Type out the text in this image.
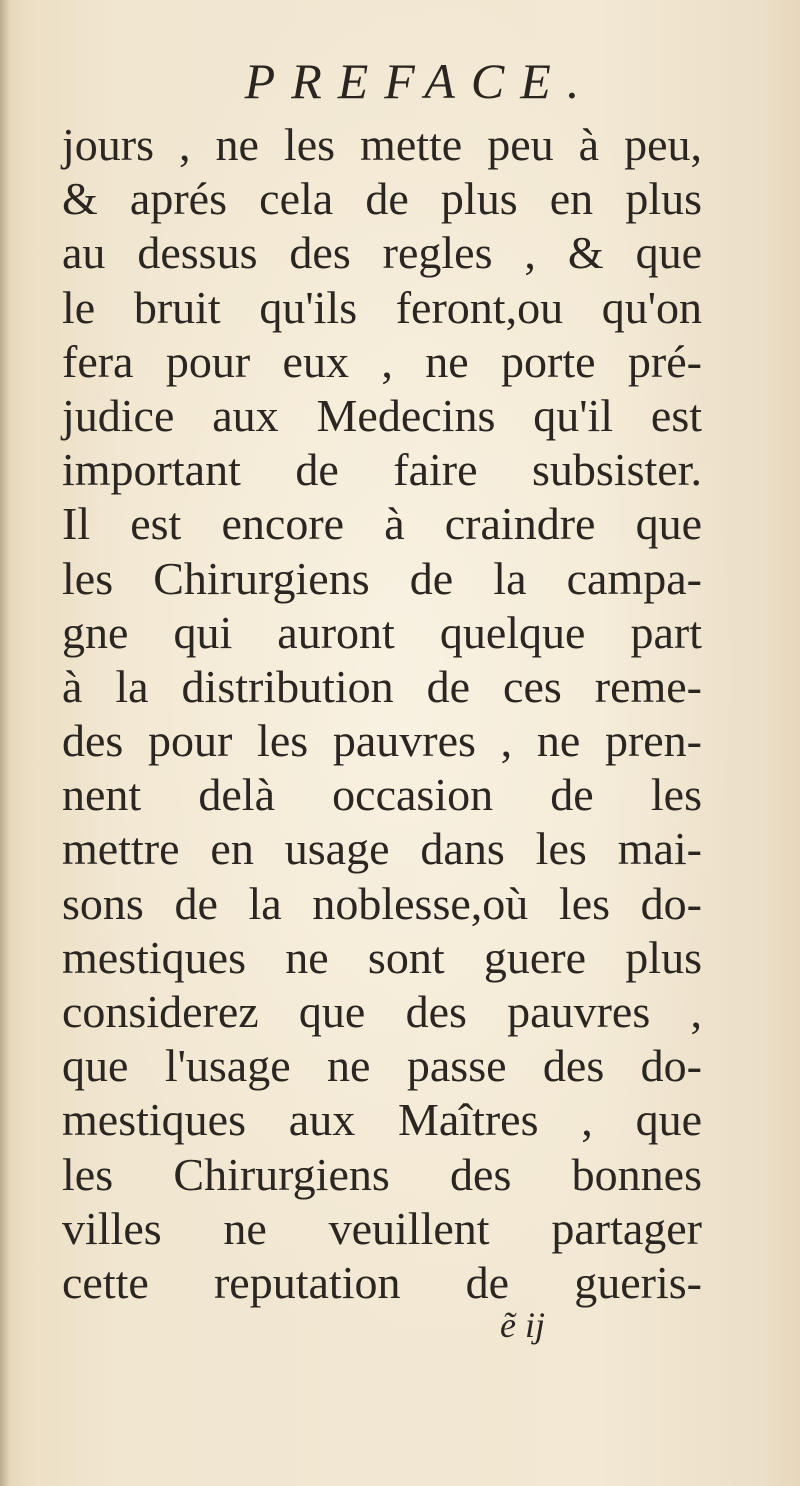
PREFACE.
jours , ne les mette peu à peu,
& aprés cela de plus en plus
au dessus des regles , & que
le bruit qu'ils feront,ou qu'on
fera pour eux , ne porte pré-
judice aux Medecins qu'il est
important de faire subsister.
Il est encore à craindre que
les Chirurgiens de la campa-
gne qui auront quelque part
à la distribution de ces reme-
des pour les pauvres , ne pren-
nent delà occasion de les
mettre en usage dans les mai-
sons de la noblesse,où les do-
mestiques ne sont guere plus
considerez que des pauvres ,
que l'usage ne passe des do-
mestiques aux Maîtres , que
les Chirurgiens des bonnes
villes ne veuillent partager
cette reputation de gueris-
ẽ ij
